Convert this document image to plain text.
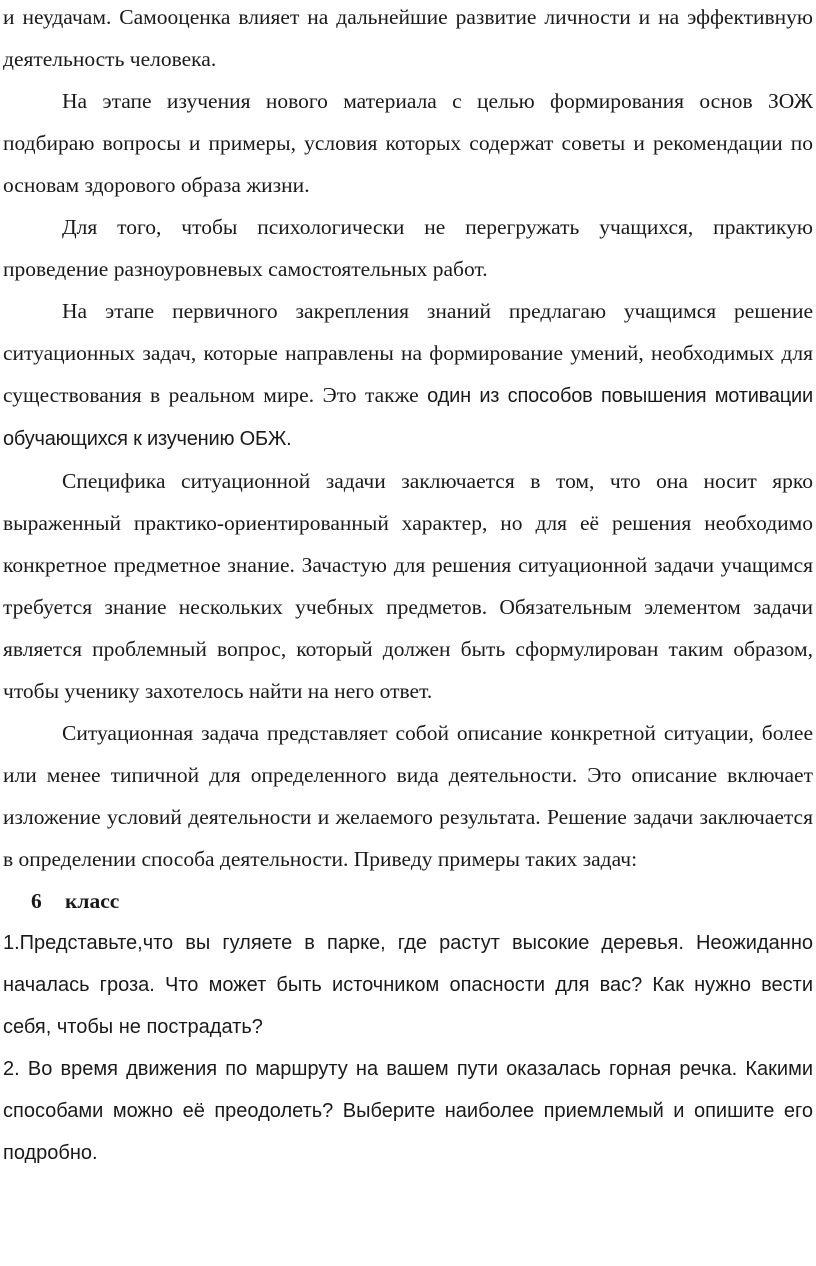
и неудачам. Самооценка влияет на дальнейшие развитие личности и на эффективную деятельность человека.

На этапе изучения нового материала с целью формирования основ ЗОЖ подбираю вопросы и примеры, условия которых содержат советы и рекомендации по основам здорового образа жизни.

Для того, чтобы психологически не перегружать учащихся, практикую проведение разноуровневых самостоятельных работ.

На этапе первичного закрепления знаний предлагаю учащимся решение ситуационных задач, которые направлены на формирование умений, необходимых для существования в реальном мире. Это также один из способов повышения мотивации обучающихся к изучению ОБЖ.

Специфика ситуационной задачи заключается в том, что она носит ярко выраженный практико-ориентированный характер, но для её решения необходимо конкретное предметное знание. Зачастую для решения ситуационной задачи учащимся требуется знание нескольких учебных предметов. Обязательным элементом задачи является проблемный вопрос, который должен быть сформулирован таким образом, чтобы ученику захотелось найти на него ответ.

Ситуационная задача представляет собой описание конкретной ситуации, более или менее типичной для определенного вида деятельности. Это описание включает изложение условий деятельности и желаемого результата. Решение задачи заключается в определении способа деятельности. Приведу примеры таких задач:

6 класс

1.Представьте,что вы гуляете в парке, где растут высокие деревья. Неожиданно началась гроза. Что может быть источником опасности для вас? Как нужно вести себя, чтобы не пострадать?

2. Во время движения по маршруту на вашем пути оказалась горная речка. Какими способами можно её преодолеть? Выберите наиболее приемлемый и опишите его подробно.
